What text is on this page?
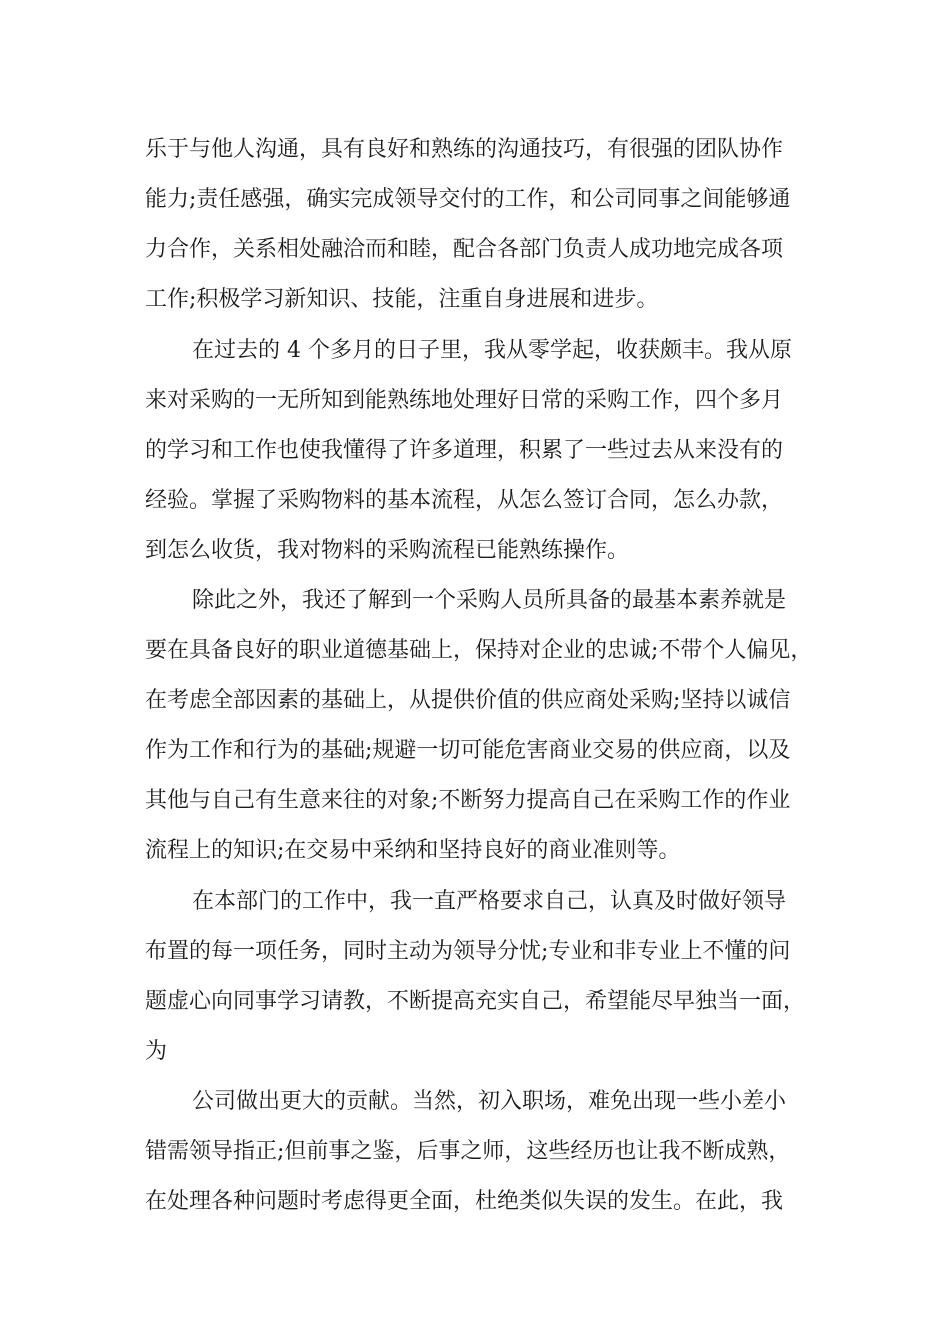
乐于与他人沟通，具有良好和熟练的沟通技巧，有很强的团队协作
能力;责任感强，确实完成领导交付的工作，和公司同事之间能够通
力合作，关系相处融洽而和睦，配合各部门负责人成功地完成各项
工作;积极学习新知识、技能，注重自身进展和进步。
在过去的 4 个多月的日子里，我从零学起，收获颇丰。我从原
来对采购的一无所知到能熟练地处理好日常的采购工作，四个多月
的学习和工作也使我懂得了许多道理，积累了一些过去从来没有的
经验。掌握了采购物料的基本流程，从怎么签订合同，怎么办款，
到怎么收货，我对物料的采购流程已能熟练操作。
除此之外，我还了解到一个采购人员所具备的最基本素养就是
要在具备良好的职业道德基础上，保持对企业的忠诚;不带个人偏见，
在考虑全部因素的基础上，从提供价值的供应商处采购;坚持以诚信
作为工作和行为的基础;规避一切可能危害商业交易的供应商，以及
其他与自己有生意来往的对象;不断努力提高自己在采购工作的作业
流程上的知识;在交易中采纳和坚持良好的商业准则等。
在本部门的工作中，我一直严格要求自己，认真及时做好领导
布置的每一项任务，同时主动为领导分忧;专业和非专业上不懂的问
题虚心向同事学习请教，不断提高充实自己，希望能尽早独当一面，
为
公司做出更大的贡献。当然，初入职场，难免出现一些小差小
错需领导指正;但前事之鉴，后事之师，这些经历也让我不断成熟，
在处理各种问题时考虑得更全面，杜绝类似失误的发生。在此，我
